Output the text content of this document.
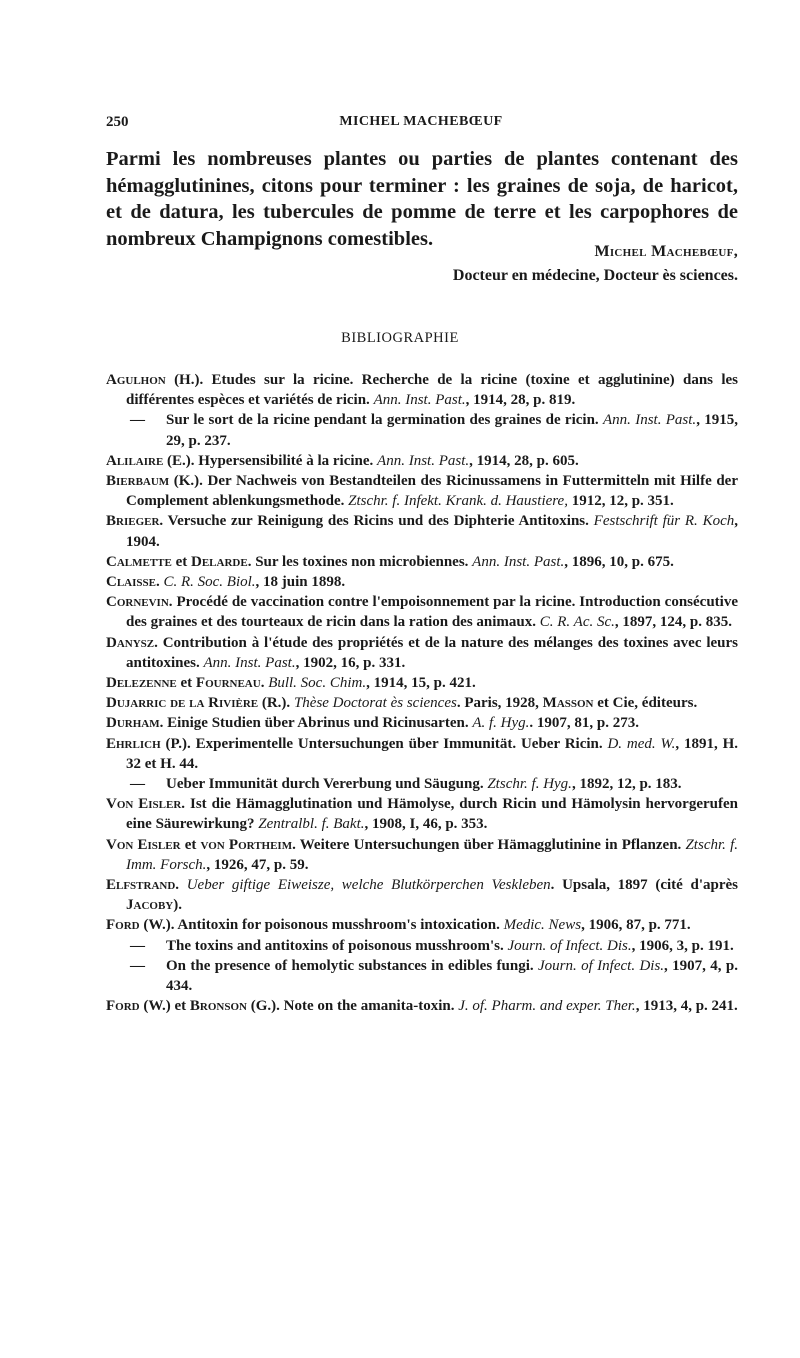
250	MICHEL MACHEBŒUF

Parmi les nombreuses plantes ou parties de plantes contenant des hémagglutinines, citons pour terminer : les graines de soja, de haricot, et de datura, les tubercules de pomme de terre et les carpophores de nombreux Champignons comestibles.

Michel Machebœuf,
Docteur en médecine, Docteur ès sciences.
BIBLIOGRAPHIE
Agulhon (H.). Etudes sur la ricine. Recherche de la ricine (toxine et agglutinine) dans les différentes espèces et variétés de ricin. Ann. Inst. Past., 1914, 28, p. 819.
— Sur le sort de la ricine pendant la germination des graines de ricin. Ann. Inst. Past., 1915, 29, p. 237.
Alilaire (E.). Hypersensibilité à la ricine. Ann. Inst. Past., 1914, 28, p. 605.
Bierbaum (K.). Der Nachweis von Bestandteilen des Ricinussamens in Futtermitteln mit Hilfe der Complement ablenkungsmethode. Ztschr. f. Infekt. Krank. d. Haustiere, 1912, 12, p. 351.
Brieger. Versuche zur Reinigung des Ricins und des Diphterie Antitoxins. Festschrift für R. Koch, 1904.
Calmette et Delarde. Sur les toxines non microbiennes. Ann. Inst. Past., 1896, 10, p. 675.
Claisse. C. R. Soc. Biol., 18 juin 1898.
Cornevin. Procédé de vaccination contre l'empoisonnement par la ricine. Introduction consécutive des graines et des tourteaux de ricin dans la ration des animaux. C. R. Ac. Sc., 1897, 124, p. 835.
Danysz. Contribution à l'étude des propriétés et de la nature des mélanges des toxines avec leurs antitoxines. Ann. Inst. Past., 1902, 16, p. 331.
Delezenne et Fourneau. Bull. Soc. Chim., 1914, 15, p. 421.
Dujarric de la Rivière (R.). Thèse Doctorat ès sciences. Paris, 1928, Masson et Cie, éditeurs.
Durham. Einige Studien über Abrinus und Ricinusarten. A. f. Hyg.. 1907, 81, p. 273.
Ehrlich (P.). Experimentelle Untersuchungen über Immunität. Ueber Ricin. D. med. W., 1891, H. 32 et H. 44.
— Ueber Immunität durch Vererbung und Säugung. Ztschr. f. Hyg., 1892, 12, p. 183.
Von Eisler. Ist die Hämagglutination und Hämolyse, durch Ricin und Hämolysin hervorgerufen eine Säurewirkung? Zentralbl. f. Bakt., 1908, I, 46, p. 353.
Von Eisler et von Portheim. Weitere Untersuchungen über Hämagglutinine in Pflanzen. Ztschr. f. Imm. Forsch., 1926, 47, p. 59.
Elfstrand. Ueber giftige Eiweisze, welche Blutkörperchen Veskleben. Upsala, 1897 (cité d'après Jacoby).
Ford (W.). Antitoxin for poisonous musshroom's intoxication. Medic. News, 1906, 87, p. 771.
— The toxins and antitoxins of poisonous musshroom's. Journ. of Infect. Dis., 1906, 3, p. 191.
— On the presence of hemolytic substances in edibles fungi. Journ. of Infect. Dis., 1907, 4, p. 434.
Ford (W.) et Bronson (G.). Note on the amanita-toxin. J. of. Pharm. and exper. Ther., 1913, 4, p. 241.
